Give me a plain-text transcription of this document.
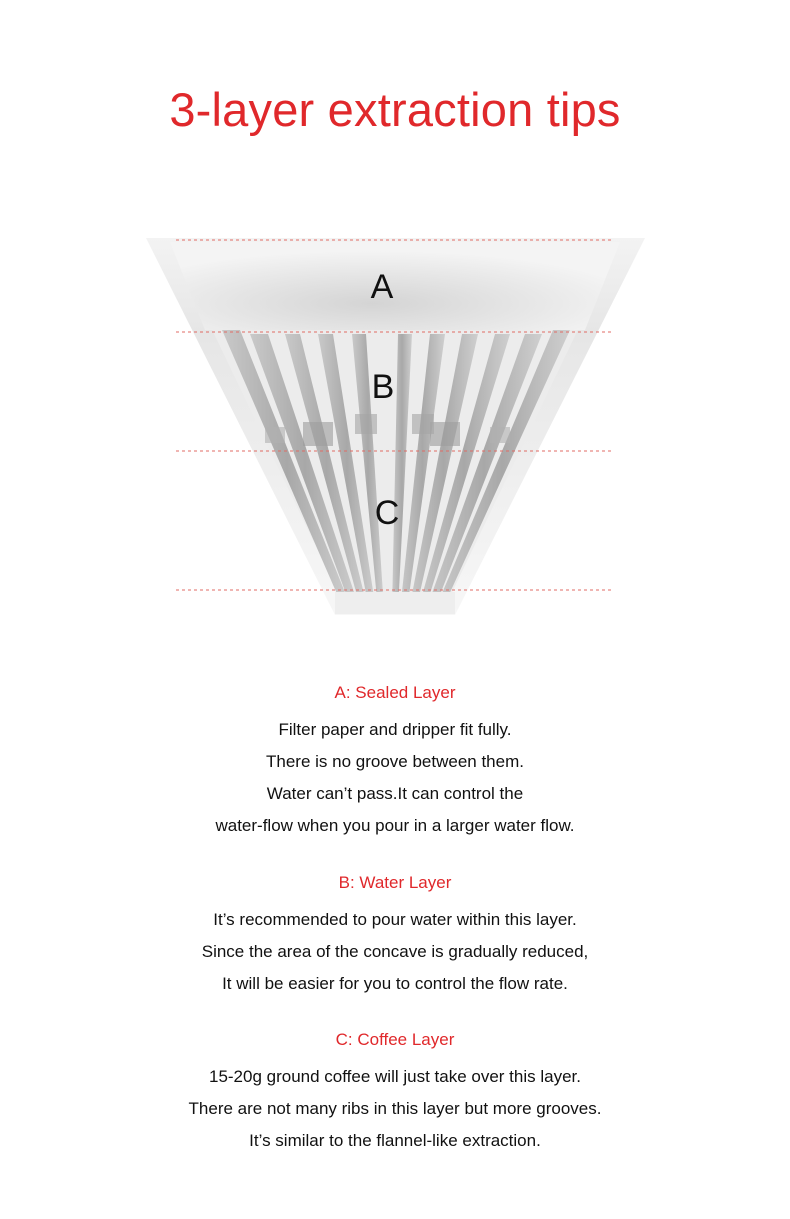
3-layer extraction tips
A
B
C
A: Sealed Layer
Filter paper and dripper fit fully.
There is no groove between them.
Water can’t pass.It can control the
water-flow when you pour in a larger water flow.
B: Water Layer
It’s recommended to pour water within this layer.
Since the area of the concave is gradually reduced,
It will be easier for you to control the flow rate.
C: Coffee Layer
15-20g ground coffee will just take over this layer.
There are not many ribs in this layer but more grooves.
It’s similar to the flannel-like extraction.
